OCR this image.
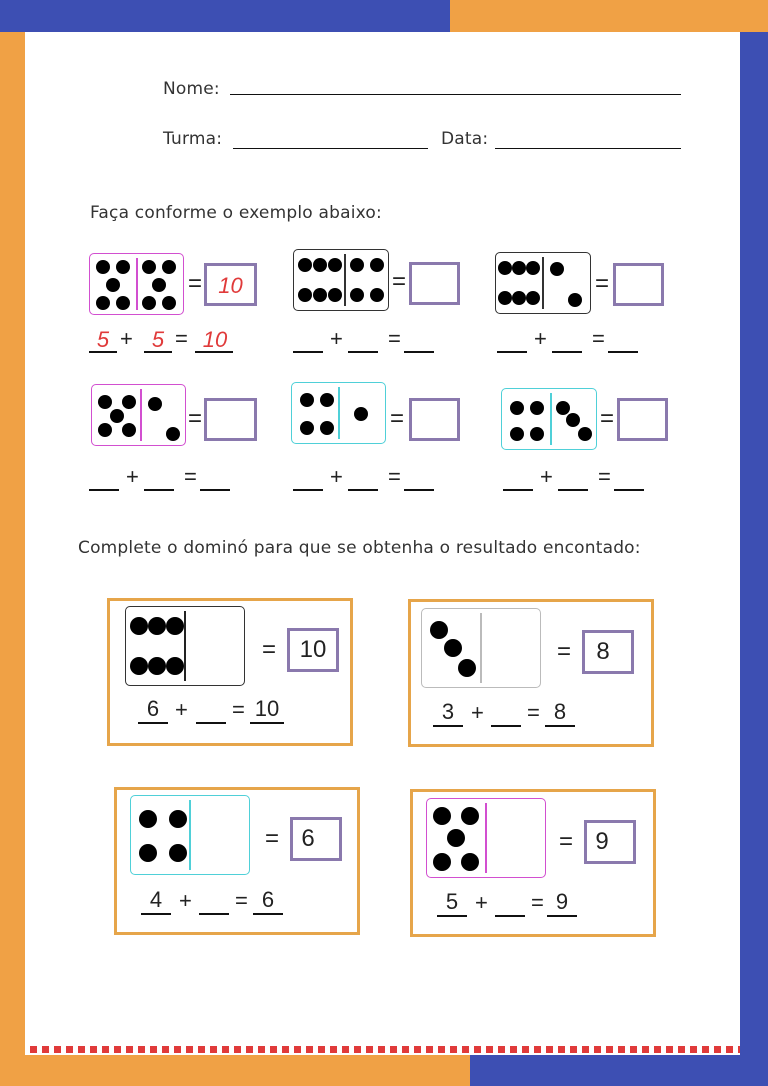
Nome:
Turma:	Data:
Faça conforme o exemplo abaixo:
= 10
5 + 5 = 10
=
+ =
=
+ =
=
+ =
=
+ =
=
+ =
Complete o dominó para que se obtenha o resultado encontado:
= 10
6 + = 10
=	8
3 + = 8
= 6
4 + = 6
= 9
5 + = 9
